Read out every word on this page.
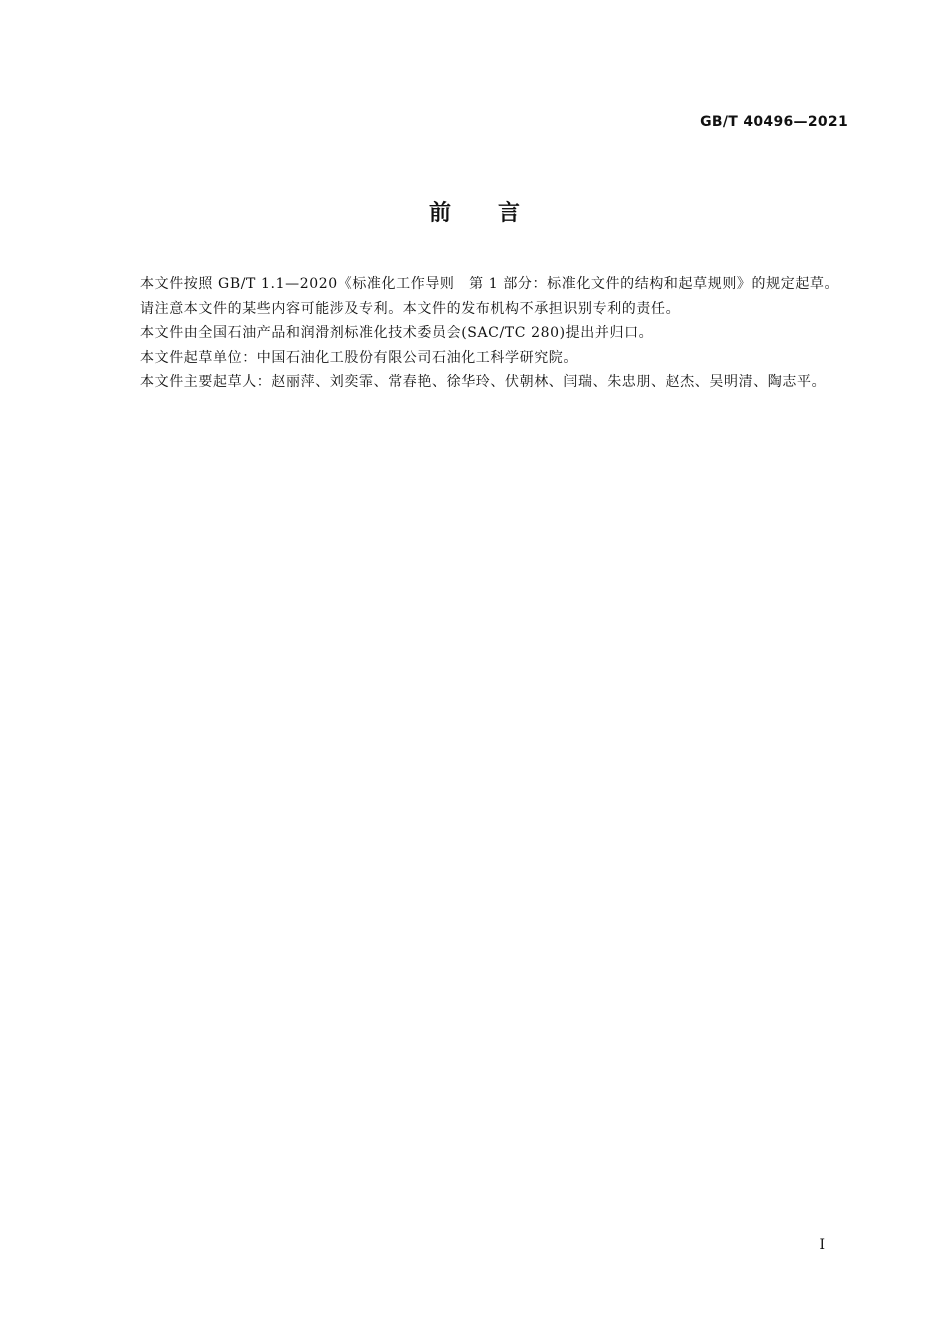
GB/T 40496—2021
前　　言

本文件按照 GB/T 1.1—2020《标准化工作导则　第 1 部分：标准化文件的结构和起草规则》的规定起草。

请注意本文件的某些内容可能涉及专利。本文件的发布机构不承担识别专利的责任。

本文件由全国石油产品和润滑剂标准化技术委员会(SAC/TC 280)提出并归口。

本文件起草单位：中国石油化工股份有限公司石油化工科学研究院。

本文件主要起草人：赵丽萍、刘奕霏、常春艳、徐华玲、伏朝林、闫瑞、朱忠朋、赵杰、吴明清、陶志平。

I
